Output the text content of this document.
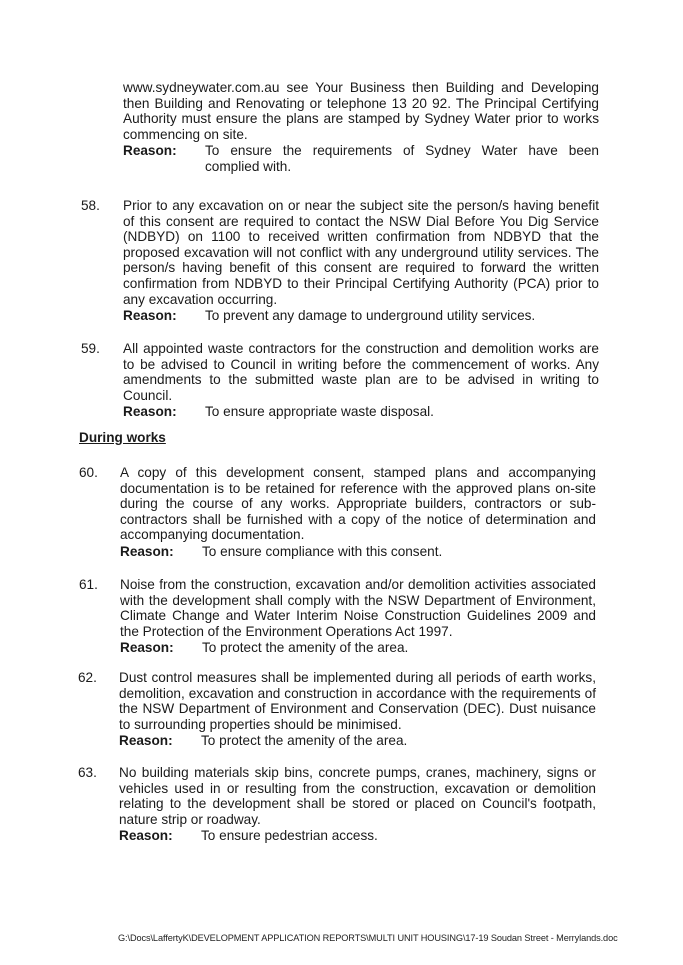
www.sydneywater.com.au see Your Business then Building and Developing then Building and Renovating or telephone 13 20 92. The Principal Certifying Authority must ensure the plans are stamped by Sydney Water prior to works commencing on site.

Reason:	To ensure the requirements of Sydney Water have been complied with.

58. Prior to any excavation on or near the subject site the person/s having benefit of this consent are required to contact the NSW Dial Before You Dig Service (NDBYD) on 1100 to received written confirmation from NDBYD that the proposed excavation will not conflict with any underground utility services. The person/s having benefit of this consent are required to forward the written confirmation from NDBYD to their Principal Certifying Authority (PCA) prior to any excavation occurring.

Reason:	To prevent any damage to underground utility services.

59. All appointed waste contractors for the construction and demolition works are to be advised to Council in writing before the commencement of works. Any amendments to the submitted waste plan are to be advised in writing to Council.

Reason:	To ensure appropriate waste disposal.

During works
60. A copy of this development consent, stamped plans and accompanying documentation is to be retained for reference with the approved plans on-site during the course of any works. Appropriate builders, contractors or sub-contractors shall be furnished with a copy of the notice of determination and accompanying documentation.

Reason:	To ensure compliance with this consent.

61. Noise from the construction, excavation and/or demolition activities associated with the development shall comply with the NSW Department of Environment, Climate Change and Water Interim Noise Construction Guidelines 2009 and the Protection of the Environment Operations Act 1997.

Reason:	To protect the amenity of the area.

62. Dust control measures shall be implemented during all periods of earth works, demolition, excavation and construction in accordance with the requirements of the NSW Department of Environment and Conservation (DEC). Dust nuisance to surrounding properties should be minimised.

Reason:	To protect the amenity of the area.

63. No building materials skip bins, concrete pumps, cranes, machinery, signs or vehicles used in or resulting from the construction, excavation or demolition relating to the development shall be stored or placed on Council's footpath, nature strip or roadway.

Reason:	To ensure pedestrian access.

G:\Docs\LaffertyK\DEVELOPMENT APPLICATION REPORTS\MULTI UNIT HOUSING\17-19 Soudan Street - Merrylands.doc
